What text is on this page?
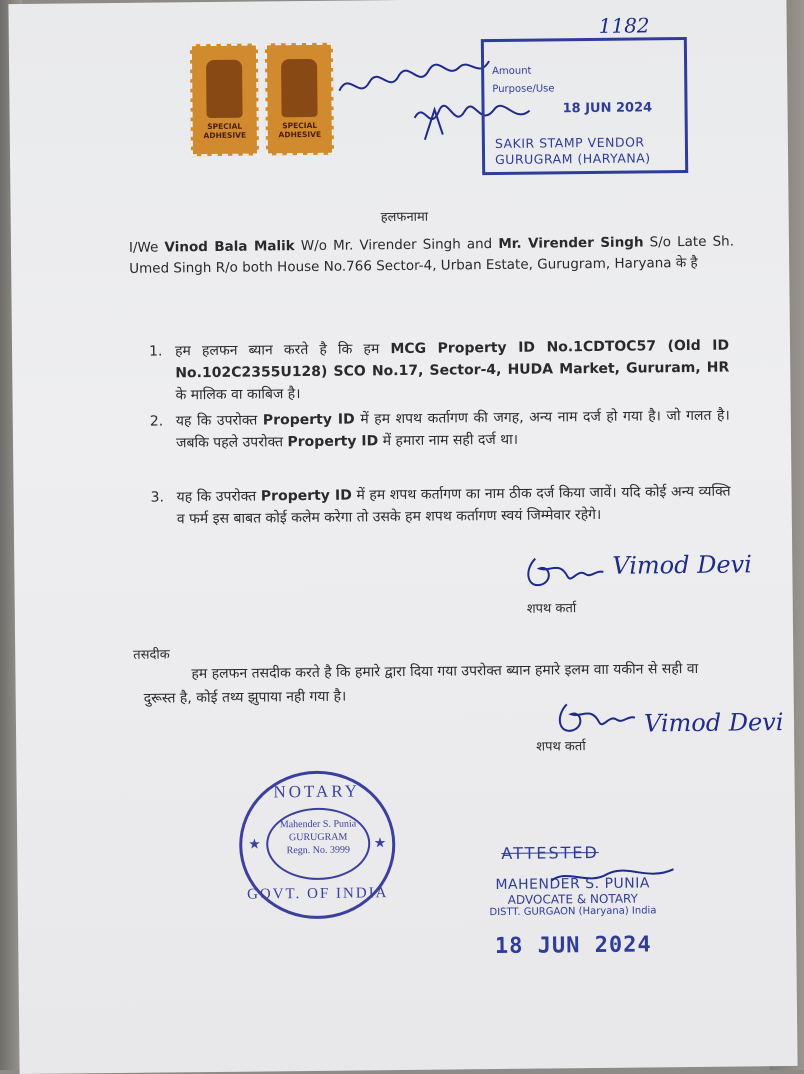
SPECIAL
ADHESIVE
SPECIAL
ADHESIVE
1182
Amount
Purpose/Use
18 JUN 2024
SAKIR STAMP VENDOR
GURUGRAM (HARYANA)
हलफनामा
I/We Vinod Bala Malik W/o Mr. Virender Singh and Mr. Virender Singh S/o Late Sh. Umed Singh R/o both House No.766 Sector-4, Urban Estate, Gurugram, Haryana के है
1. हम हलफन ब्यान करते है कि हम MCG Property ID No.1CDTOC57 (Old ID No.102C2355U128) SCO No.17, Sector-4, HUDA Market, Gururam, HR के मालिक वा काबिज है।
2. यह कि उपरोक्त Property ID में हम शपथ कर्तागण की जगह, अन्य नाम दर्ज हो गया है। जो गलत है। जबकि पहले उपरोक्त Property ID में हमारा नाम सही दर्ज था।
3. यह कि उपरोक्त Property ID में हम शपथ कर्तागण का नाम ठीक दर्ज किया जावें। यदि कोई अन्य व्यक्ति व फर्म इस बाबत कोई कलेम करेगा तो उसके हम शपथ कर्तागण स्वयं जिम्मेवार रहेगे।
Vimod Devi
शपथ कर्ता
तसदीक
हम हलफन तसदीक करते है कि हमारे द्वारा दिया गया उपरोक्त ब्यान हमारे इलम वाा यकीन से सही वा दुरूस्त है, कोई तथ्य झुपाया नही गया है।
Vimod Devi
शपथ कर्ता
NOTARY
Mahender S. Punia
GURUGRAM
Regn. No. 3999
GOVT. OF INDIA
★	★	ATTESTED
MAHENDER S. PUNIA
ADVOCATE & NOTARY
DISTT. GURGAON (Haryana) India
18 JUN 2024
